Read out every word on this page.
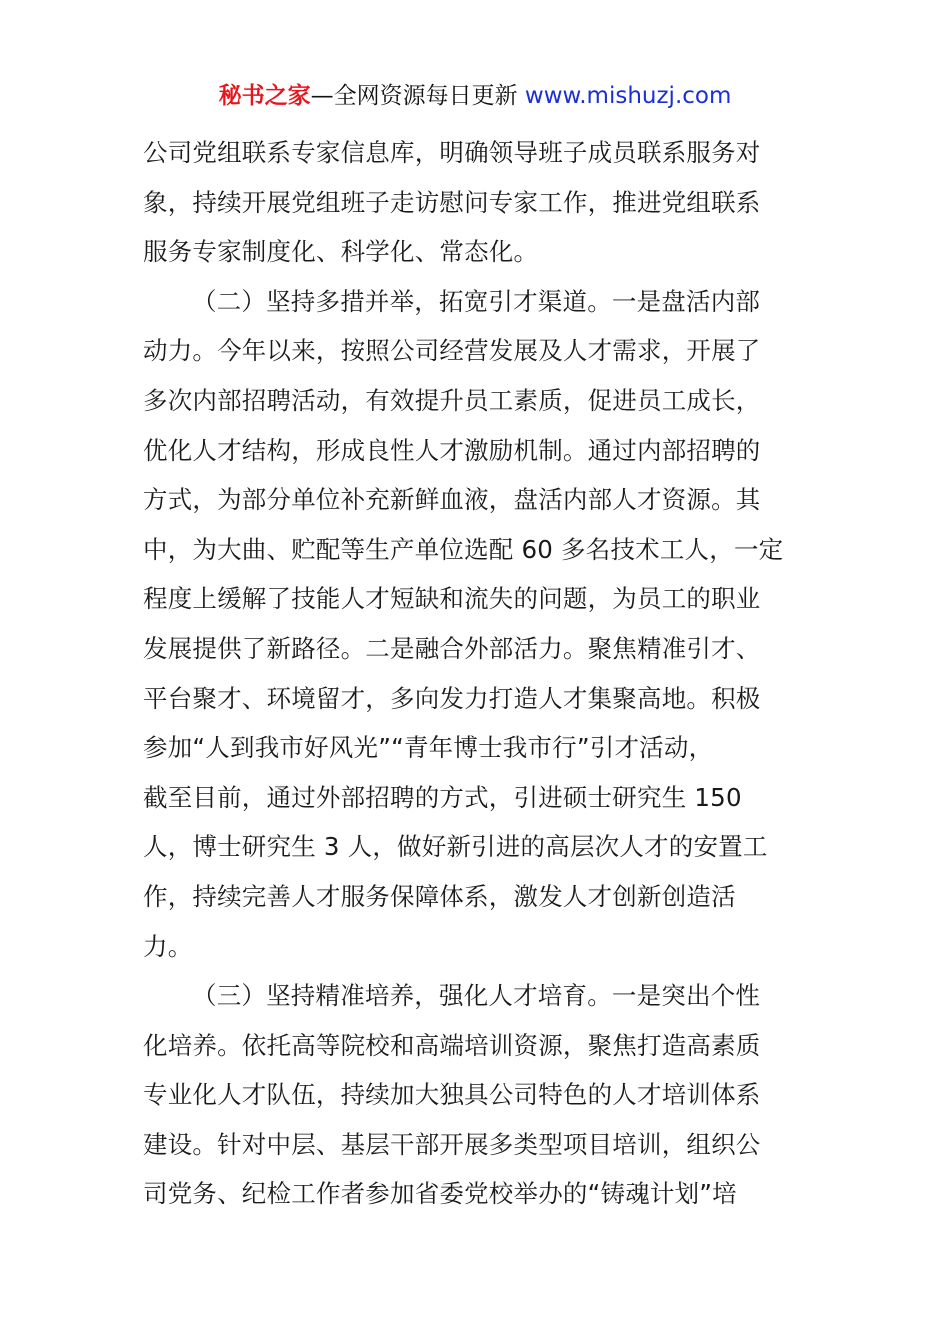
秘书之家—全网资源每日更新 www.mishuzj.com
公司党组联系专家信息库，明确领导班子成员联系服务对
象，持续开展党组班子走访慰问专家工作，推进党组联系
服务专家制度化、科学化、常态化。
（二）坚持多措并举，拓宽引才渠道。一是盘活内部
动力。今年以来，按照公司经营发展及人才需求，开展了
多次内部招聘活动，有效提升员工素质，促进员工成长，
优化人才结构，形成良性人才激励机制。通过内部招聘的
方式，为部分单位补充新鲜血液，盘活内部人才资源。其
中，为大曲、贮配等生产单位选配 60 多名技术工人，一定
程度上缓解了技能人才短缺和流失的问题，为员工的职业
发展提供了新路径。二是融合外部活力。聚焦精准引才、
平台聚才、环境留才，多向发力打造人才集聚高地。积极
参加“人到我市好风光”“青年博士我市行”引才活动，
截至目前，通过外部招聘的方式，引进硕士研究生 150
人，博士研究生 3 人，做好新引进的高层次人才的安置工
作，持续完善人才服务保障体系，激发人才创新创造活
力。
（三）坚持精准培养，强化人才培育。一是突出个性
化培养。依托高等院校和高端培训资源，聚焦打造高素质
专业化人才队伍，持续加大独具公司特色的人才培训体系
建设。针对中层、基层干部开展多类型项目培训，组织公
司党务、纪检工作者参加省委党校举办的“铸魂计划”培
